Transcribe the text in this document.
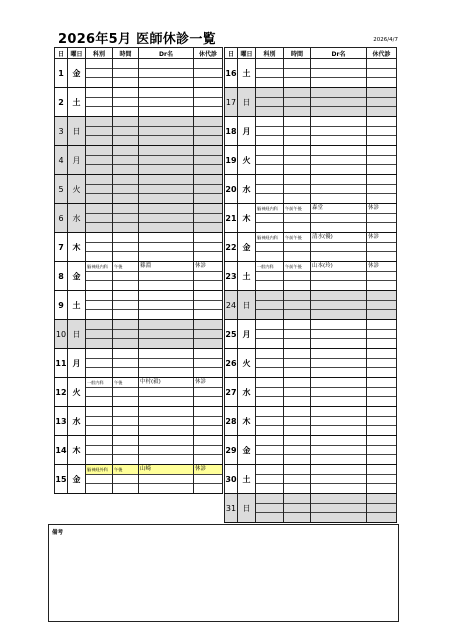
2026年5月 医師休診一覧	2026/4/7
日	曜日	科別	時間	Dr名	休代診
1	金	

2	土	

3	日	

4	月	

5	火	

6	水	

7	木	

8	金	脳神経内科	午後	篠淵	休診

9	土	

10	日	

11	月	

12	火	一般内科	午後	中村(毅)	休診

13	水	

14	木	

15	金	脳神経外科	午後	山崎	休診
日	曜日	科別	時間	Dr名	休代診
16	土	

17	日	

18	月	

19	火	

20	水	

21	木	脳神経内科	午前午後	森堂	休診

22	金	脳神経内科	午前午後	清水(優)	休診

23	土	一般内科	午前午後	山本(玲)	休診

24	日	

25	月	

26	火	

27	水	

28	木	

29	金	

30	土	

31	日	

備考
